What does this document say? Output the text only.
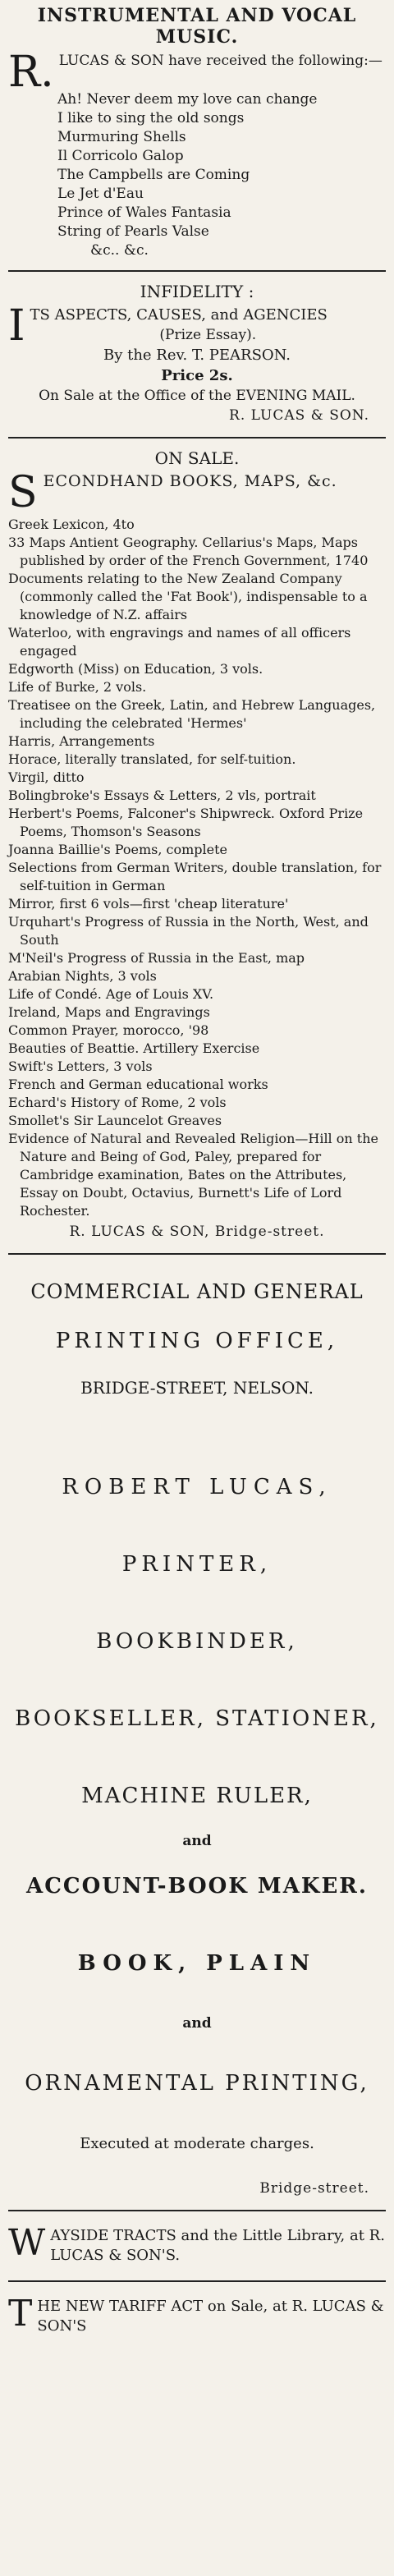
INSTRUMENTAL AND VOCAL

MUSIC.

R. LUCAS & SON have received the following:—

Ah! Never deem my love can change
I like to sing the old songs
Murmuring Shells
Il Corricolo Galop
The Campbells are Coming
Le Jet d'Eau
Prince of Wales Fantasia
String of Pearls Valse
&c.. &c.

INFIDELITY :

I TS ASPECTS, CAUSES, and AGENCIES

(Prize Essay).

By the Rev. T. PEARSON.

Price 2s.

On Sale at the Office of the EVENING MAIL.

R. LUCAS & SON.

ON SALE.

S ECONDHAND BOOKS, MAPS, &c.

Greek Lexicon, 4to
33 Maps Antient Geography. Cellarius's Maps, Maps published by order of the French Government, 1740
Documents relating to the New Zealand Company (commonly called the 'Fat Book'), indispensable to a knowledge of N.Z. affairs
Waterloo, with engravings and names of all officers engaged
Edgworth (Miss) on Education, 3 vols.
Life of Burke, 2 vols.
Treatisee on the Greek, Latin, and Hebrew Languages, including the celebrated 'Hermes'
Harris, Arrangements
Horace, literally translated, for self-tuition.
Virgil, ditto
Bolingbroke's Essays & Letters, 2 vls, portrait
Herbert's Poems, Falconer's Shipwreck. Oxford Prize Poems, Thomson's Seasons
Joanna Baillie's Poems, complete
Selections from German Writers, double translation, for self-tuition in German
Mirror, first 6 vols—first 'cheap literature'
Urquhart's Progress of Russia in the North, West, and South
M'Neil's Progress of Russia in the East, map
Arabian Nights, 3 vols
Life of Condé. Age of Louis XV.
Ireland, Maps and Engravings
Common Prayer, morocco, '98
Beauties of Beattie. Artillery Exercise
Swift's Letters, 3 vols
French and German educational works
Echard's History of Rome, 2 vols
Smollet's Sir Launcelot Greaves
Evidence of Natural and Revealed Religion—Hill on the Nature and Being of God, Paley, prepared for Cambridge examination, Bates on the Attributes, Essay on Doubt, Octavius, Burnett's Life of Lord Rochester.

R. LUCAS & SON, Bridge-street.

COMMERCIAL AND GENERAL

PRINTING OFFICE,

BRIDGE-STREET, NELSON.

ROBERT LUCAS,

PRINTER,

BOOKBINDER,

BOOKSELLER, STATIONER,

MACHINE RULER,

and

ACCOUNT-BOOK MAKER.

BOOK, PLAIN

and

ORNAMENTAL PRINTING,

Executed at moderate charges.

Bridge-street.

W AYSIDE TRACTS and the Little Library, at R. LUCAS & SON'S.

T HE NEW TARIFF ACT on Sale, at R. LUCAS & SON'S
